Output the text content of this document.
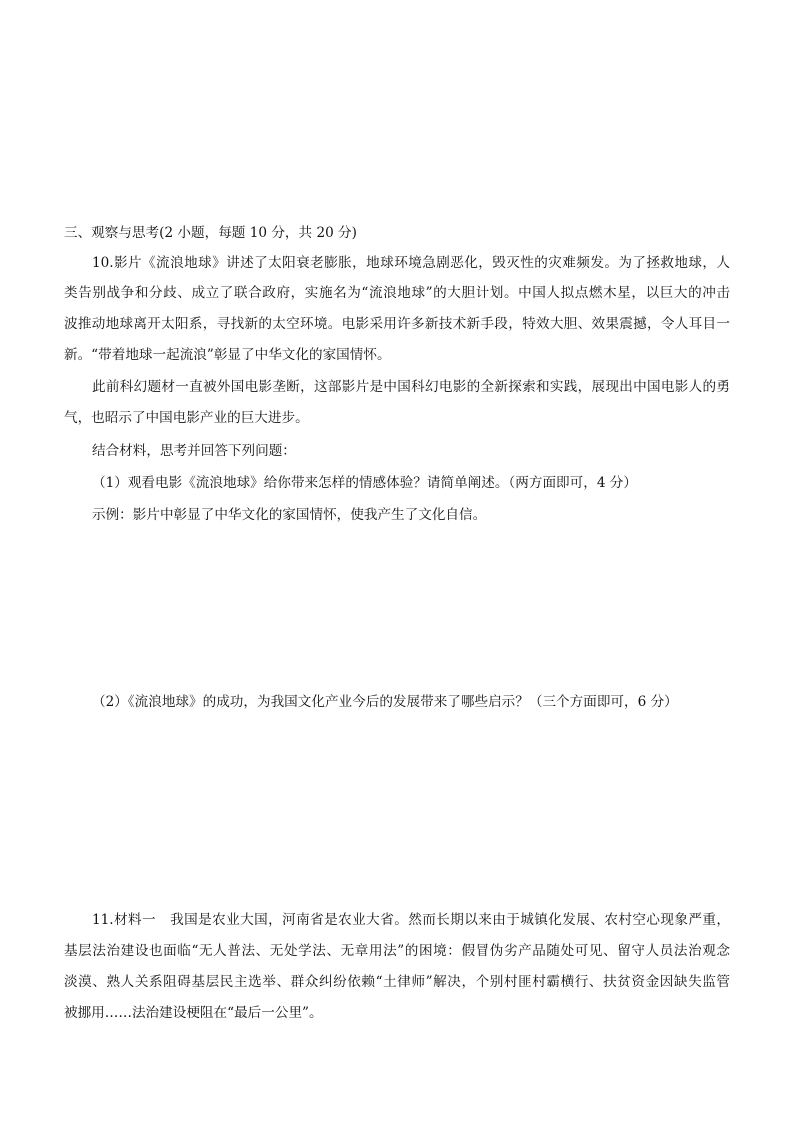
三、观察与思考(2 小题，每题 10 分，共 20 分)
10.影片《流浪地球》讲述了太阳衰老膨胀，地球环境急剧恶化，毁灭性的灾难频发。为了拯救地球，人
类告别战争和分歧、成立了联合政府，实施名为“流浪地球”的大胆计划。中国人拟点燃木星，以巨大的冲击
波推动地球离开太阳系，寻找新的太空环境。电影采用许多新技术新手段，特效大胆、效果震撼，令人耳目一
新。“带着地球一起流浪”彰显了中华文化的家国情怀。
此前科幻题材一直被外国电影垄断，这部影片是中国科幻电影的全新探索和实践，展现出中国电影人的勇
气，也昭示了中国电影产业的巨大进步。
结合材料，思考并回答下列问题：
（1）观看电影《流浪地球》给你带来怎样的情感体验？请简单阐述。（两方面即可，4 分）
示例：影片中彰显了中华文化的家国情怀，使我产生了文化自信。
（2）《流浪地球》的成功，为我国文化产业今后的发展带来了哪些启示？（三个方面即可，6 分）
11.材料一　我国是农业大国，河南省是农业大省。然而长期以来由于城镇化发展、农村空心现象严重，
基层法治建设也面临“无人普法、无处学法、无章用法”的困境：假冒伪劣产品随处可见、留守人员法治观念
淡漠、熟人关系阻碍基层民主选举、群众纠纷依赖“土律师”解决，个别村匪村霸横行、扶贫资金因缺失监管
被挪用……法治建设梗阻在“最后一公里”。
